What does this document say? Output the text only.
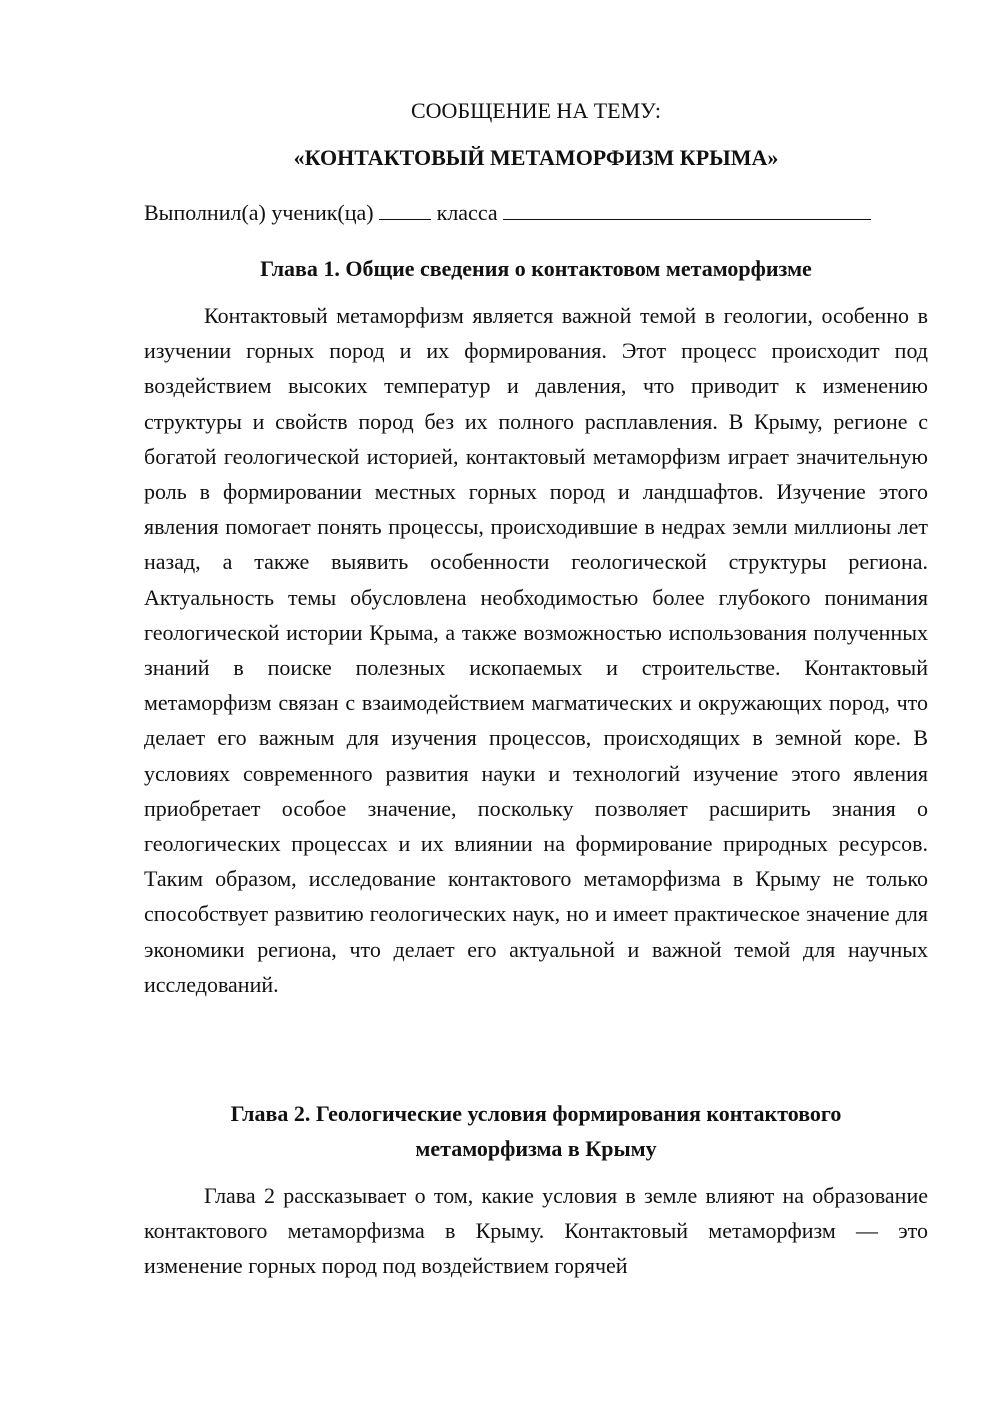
СООБЩЕНИЕ НА ТЕМУ:

«КОНТАКТОВЫЙ МЕТАМОРФИЗМ КРЫМА»

Выполнил(а) ученик(ца)	класса
Глава 1. Общие сведения о контактовом метаморфизме

Контактовый метаморфизм является важной темой в геологии, особенно в изучении горных пород и их формирования. Этот процесс происходит под воздействием высоких температур и давления, что приводит к изменению структуры и свойств пород без их полного расплавления. В Крыму, регионе с богатой геологической историей, контактовый метаморфизм играет значительную роль в формировании местных горных пород и ландшафтов. Изучение этого явления помогает понять процессы, происходившие в недрах земли миллионы лет назад, а также выявить особенности геологической структуры региона. Актуальность темы обусловлена необходимостью более глубокого понимания геологической истории Крыма, а также возможностью использования полученных знаний в поиске полезных ископаемых и строительстве. Контактовый метаморфизм связан с взаимодействием магматических и окружающих пород, что делает его важным для изучения процессов, происходящих в земной коре. В условиях современного развития науки и технологий изучение этого явления приобретает особое значение, поскольку позволяет расширить знания о геологических процессах и их влиянии на формирование природных ресурсов. Таким образом, исследование контактового метаморфизма в Крыму не только способствует развитию геологических наук, но и имеет практическое значение для экономики региона, что делает его актуальной и важной темой для научных исследований.

Глава 2. Геологические условия формирования контактового
метаморфизма в Крыму

Глава 2 рассказывает о том, какие условия в земле влияют на образование контактового метаморфизма в Крыму. Контактовый метаморфизм — это изменение горных пород под воздействием горячей
